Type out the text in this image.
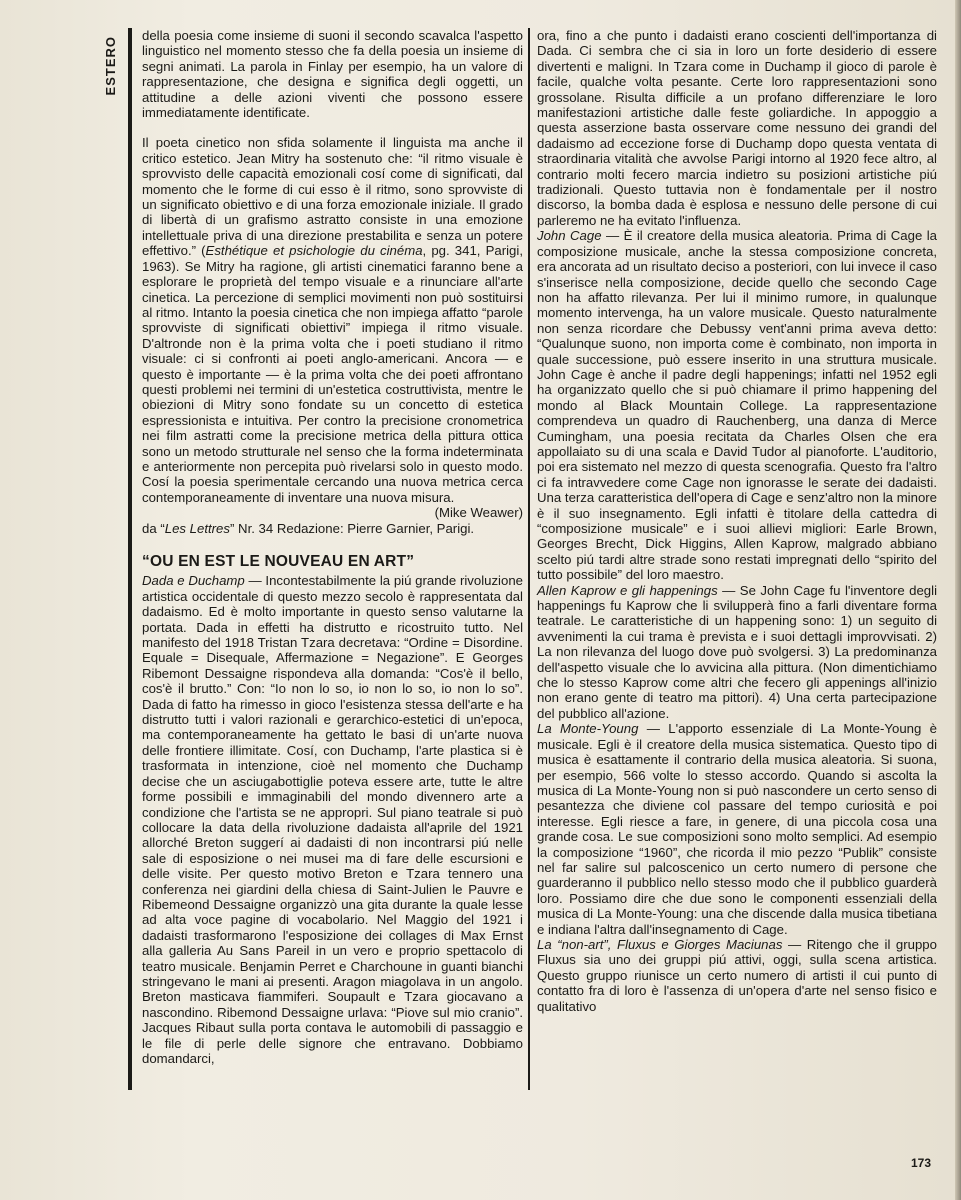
ESTERO

della poesia come insieme di suoni il secondo scavalca l'aspetto linguistico nel momento stesso che fa della poesia un insieme di segni animati. La parola in Finlay per esempio, ha un valore di rappresentazione, che designa e significa degli oggetti, un attitudine a delle azioni viventi che possono essere immediatamente identificate.

Il poeta cinetico non sfida solamente il linguista ma anche il critico estetico. Jean Mitry ha sostenuto che: “il ritmo visuale è sprovvisto delle capacità emozionali cosí come di significati, dal momento che le forme di cui esso è il ritmo, sono sprovviste di un significato obiettivo e di una forza emozionale iniziale. Il grado di libertà di un grafismo astratto consiste in una emozione intellettuale priva di una direzione prestabilita e senza un potere effettivo.” (Esthétique et psichologie du cinéma, pg. 341, Parigi, 1963). Se Mitry ha ragione, gli artisti cinematici faranno bene a esplorare le proprietà del tempo visuale e a rinunciare all'arte cinetica. La percezione di semplici movimenti non può sostituirsi al ritmo. Intanto la poesia cinetica che non impiega affatto “parole sprovviste di significati obiettivi” impiega il ritmo visuale. D'altronde non è la prima volta che i poeti studiano il ritmo visuale: ci si confronti ai poeti anglo-americani. Ancora — e questo è importante — è la prima volta che dei poeti affrontano questi problemi nei termini di un'estetica costruttivista, mentre le obiezioni di Mitry sono fondate su un concetto di estetica espressionista e intuitiva. Per contro la precisione cronometrica nei film astratti come la precisione metrica della pittura ottica sono un metodo strutturale nel senso che la forma indeterminata e anteriormente non percepita può rivelarsi solo in questo modo. Cosí la poesia sperimentale cercando una nuova metrica cerca contemporaneamente di inventare una nuova misura.

(Mike Weawer)

da “Les Lettres” Nr. 34 Redazione: Pierre Garnier, Parigi.

“OU EN EST LE NOUVEAU EN ART”

Dada e Duchamp — Incontestabilmente la piú grande rivoluzione artistica occidentale di questo mezzo secolo è rappresentata dal dadaismo. Ed è molto importante in questo senso valutarne la portata. Dada in effetti ha distrutto e ricostruito tutto. Nel manifesto del 1918 Tristan Tzara decretava: “Ordine = Disordine. Equale = Disequale, Affermazione = Negazione”. E Georges Ribemont Dessaigne rispondeva alla domanda: “Cos'è il bello, cos'è il brutto.” Con: “Io non lo so, io non lo so, io non lo so”. Dada di fatto ha rimesso in gioco l'esistenza stessa dell'arte e ha distrutto tutti i valori razionali e gerarchico-estetici di un'epoca, ma contemporaneamente ha gettato le basi di un'arte nuova delle frontiere illimitate. Cosí, con Duchamp, l'arte plastica si è trasformata in intenzione, cioè nel momento che Duchamp decise che un asciugabottiglie poteva essere arte, tutte le altre forme possibili e immaginabili del mondo divennero arte a condizione che l'artista se ne appropri. Sul piano teatrale si può collocare la data della rivoluzione dadaista all'aprile del 1921 allorché Breton suggerí ai dadaisti di non incontrarsi piú nelle sale di esposizione o nei musei ma di fare delle escursioni e delle visite. Per questo motivo Breton e Tzara tennero una conferenza nei giardini della chiesa di Saint-Julien le Pauvre e Ribemeond Dessaigne organizzò una gita durante la quale lesse ad alta voce pagine di vocabolario. Nel Maggio del 1921 i dadaisti trasformarono l'esposizione dei collages di Max Ernst alla galleria Au Sans Pareil in un vero e proprio spettacolo di teatro musicale. Benjamin Perret e Charchoune in guanti bianchi stringevano le mani ai presenti. Aragon miagolava in un angolo. Breton masticava fiammiferi. Soupault e Tzara giocavano a nascondino. Ribemond Dessaigne urlava: “Piove sul mio cranio”. Jacques Ribaut sulla porta contava le automobili di passaggio e le file di perle delle signore che entravano. Dobbiamo domandarci,

ora, fino a che punto i dadaisti erano coscienti dell'importanza di Dada. Ci sembra che ci sia in loro un forte desiderio di essere divertenti e maligni. In Tzara come in Duchamp il gioco di parole è facile, qualche volta pesante. Certe loro rappresentazioni sono grossolane. Risulta difficile a un profano differenziare le loro manifestazioni artistiche dalle feste goliardiche. In appoggio a questa asserzione basta osservare come nessuno dei grandi del dadaismo ad eccezione forse di Duchamp dopo questa ventata di straordinaria vitalità che avvolse Parigi intorno al 1920 fece altro, al contrario molti fecero marcia indietro su posizioni artistiche piú tradizionali. Questo tuttavia non è fondamentale per il nostro discorso, la bomba dada è esplosa e nessuno delle persone di cui parleremo ne ha evitato l'influenza.

John Cage — È il creatore della musica aleatoria. Prima di Cage la composizione musicale, anche la stessa composizione concreta, era ancorata ad un risultato deciso a posteriori, con lui invece il caso s'inserisce nella composizione, decide quello che secondo Cage non ha affatto rilevanza. Per lui il minimo rumore, in qualunque momento intervenga, ha un valore musicale. Questo naturalmente non senza ricordare che Debussy vent'anni prima aveva detto: “Qualunque suono, non importa come è combinato, non importa in quale successione, può essere inserito in una struttura musicale. John Cage è anche il padre degli happenings; infatti nel 1952 egli ha organizzato quello che si può chiamare il primo happening del mondo al Black Mountain College. La rappresentazione comprendeva un quadro di Rauchenberg, una danza di Merce Cumingham, una poesia recitata da Charles Olsen che era appollaiato su di una scala e David Tudor al pianoforte. L'auditorio, poi era sistemato nel mezzo di questa scenografia. Questo fra l'altro ci fa intravvedere come Cage non ignorasse le serate dei dadaisti. Una terza caratteristica dell'opera di Cage e senz'altro non la minore è il suo insegnamento. Egli infatti è titolare della cattedra di “composizione musicale” e i suoi allievi migliori: Earle Brown, Georges Brecht, Dick Higgins, Allen Kaprow, malgrado abbiano scelto piú tardi altre strade sono restati impregnati dello “spirito del tutto possibile” del loro maestro.

Allen Kaprow e gli happenings — Se John Cage fu l'inventore degli happenings fu Kaprow che li svilupperà fino a farli diventare forma teatrale. Le caratteristiche di un happening sono: 1) un seguito di avvenimenti la cui trama è prevista e i suoi dettagli improvvisati. 2) La non rilevanza del luogo dove può svolgersi. 3) La predominanza dell'aspetto visuale che lo avvicina alla pittura. (Non dimentichiamo che lo stesso Kaprow come altri che fecero gli appenings all'inizio non erano gente di teatro ma pittori). 4) Una certa partecipazione del pubblico all'azione.

La Monte-Young — L'apporto essenziale di La Monte-Young è musicale. Egli è il creatore della musica sistematica. Questo tipo di musica è esattamente il contrario della musica aleatoria. Si suona, per esempio, 566 volte lo stesso accordo. Quando si ascolta la musica di La Monte-Young non si può nascondere un certo senso di pesantezza che diviene col passare del tempo curiosità e poi interesse. Egli riesce a fare, in genere, di una piccola cosa una grande cosa. Le sue composizioni sono molto semplici. Ad esempio la composizione “1960”, che ricorda il mio pezzo “Publik” consiste nel far salire sul palcoscenico un certo numero di persone che guarderanno il pubblico nello stesso modo che il pubblico guarderà loro. Possiamo dire che due sono le componenti essenziali della musica di La Monte-Young: una che discende dalla musica tibetiana e indiana l'altra dall'insegnamento di Cage.

La “non-art”, Fluxus e Giorges Maciunas — Ritengo che il gruppo Fluxus sia uno dei gruppi piú attivi, oggi, sulla scena artistica. Questo gruppo riunisce un certo numero di artisti il cui punto di contatto fra di loro è l'assenza di un'opera d'arte nel senso fisico e qualitativo

173
